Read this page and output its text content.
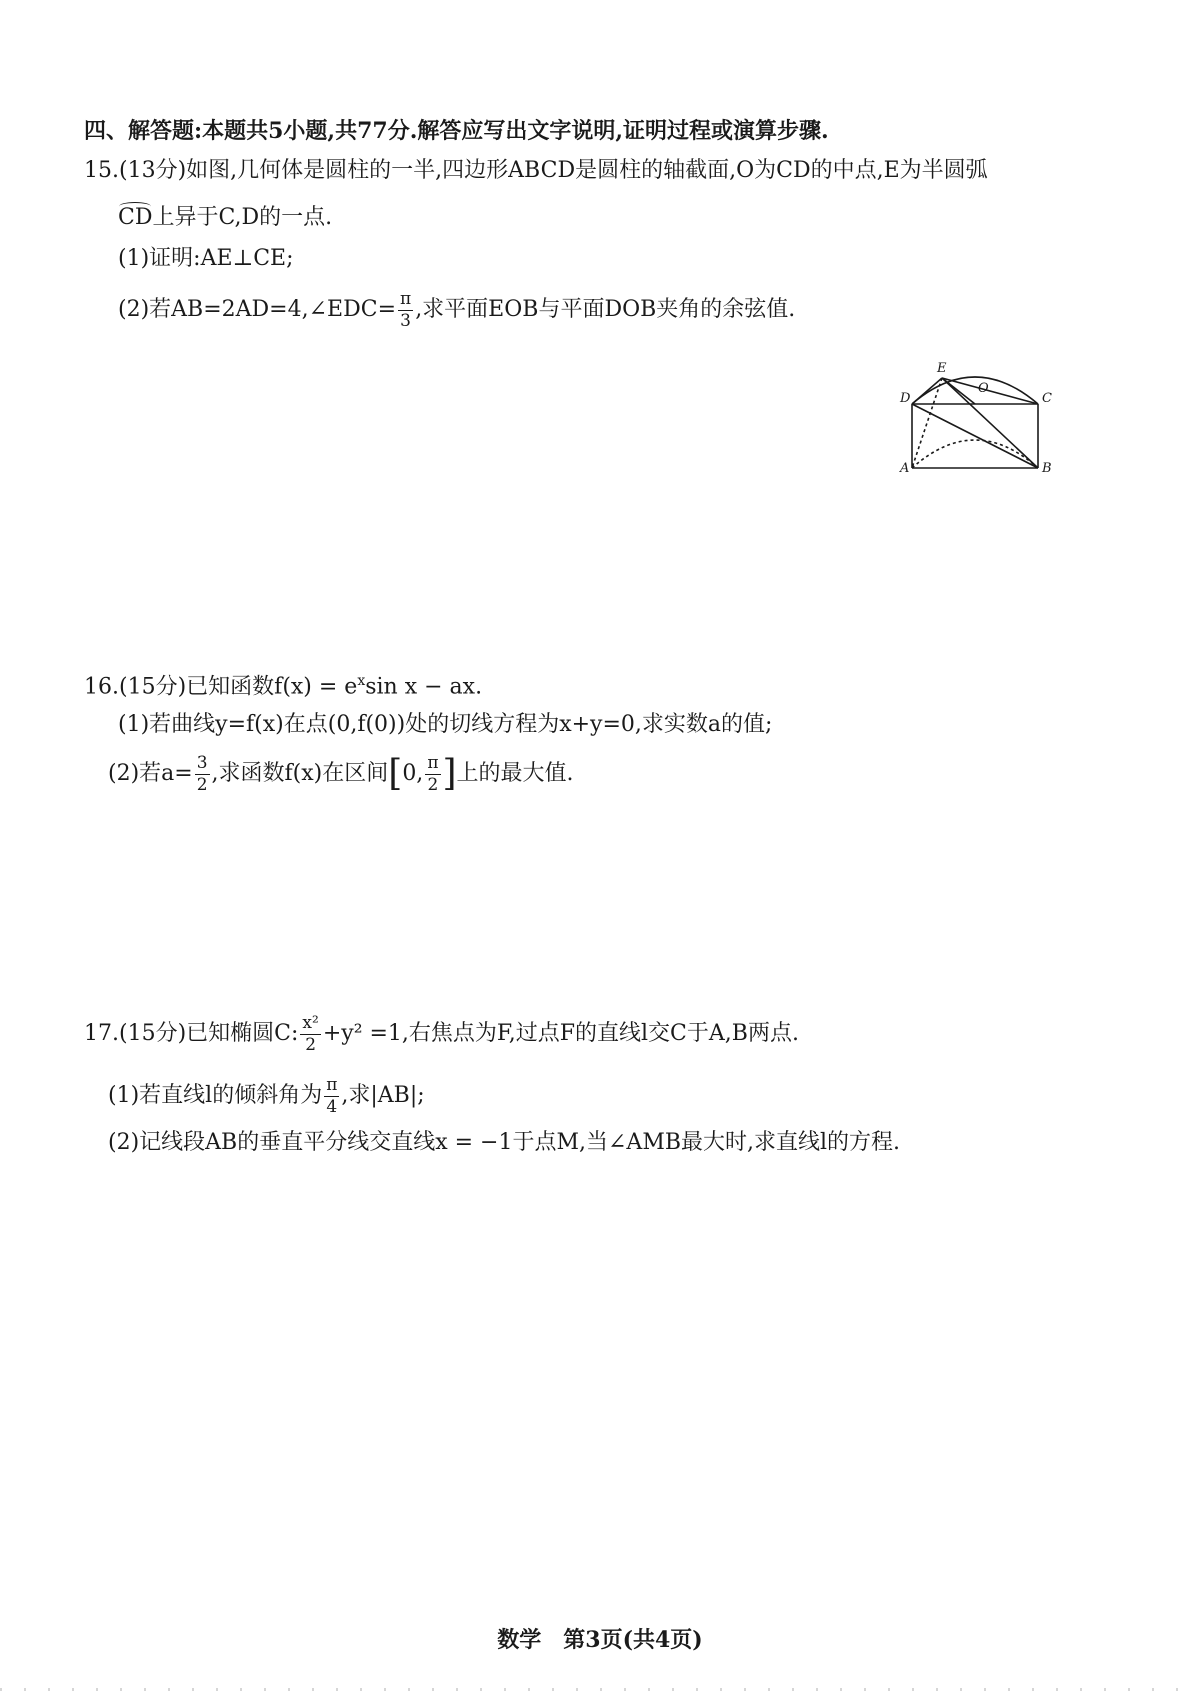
四、解答题:本题共5小题,共77分.解答应写出文字说明,证明过程或演算步骤.
15.(13分)如图,几何体是圆柱的一半,四边形ABCD是圆柱的轴截面,O为CD的中点,E为半圆弧
CD上异于C,D的一点.
(1)证明:AE⊥CE;
(2)若AB=2AD=4,∠EDC= $\frac{\pi}{3}$ ,求平面EOB与平面DOB夹角的余弦值.
E
D
O
C
A	B
16.(15分)已知函数$f(x) = e^x\sin$ x − ax.
(1)若曲线y=f(x)在点(0,f(0))处的切线方程为x+y=0,求实数a的值;
(2)若$a= \frac{3}{2}$ ,求函数f(x)在区间[0, $\frac{\pi}{2}$ ]上的最大值.
17.(15分)已知椭圆C: $\frac{\text{x²}}{2} +y^2 =1$,右焦点为F,过点F的直线l交C于A,B两点.
(1)若直线l的倾斜角为 $\frac{\pi}{4}$ ,求|AB|;
(2)记线段AB的垂直平分线交直线x = −1于点M,当∠AMB最大时,求直线l的方程.
数学　第3页(共4页)
